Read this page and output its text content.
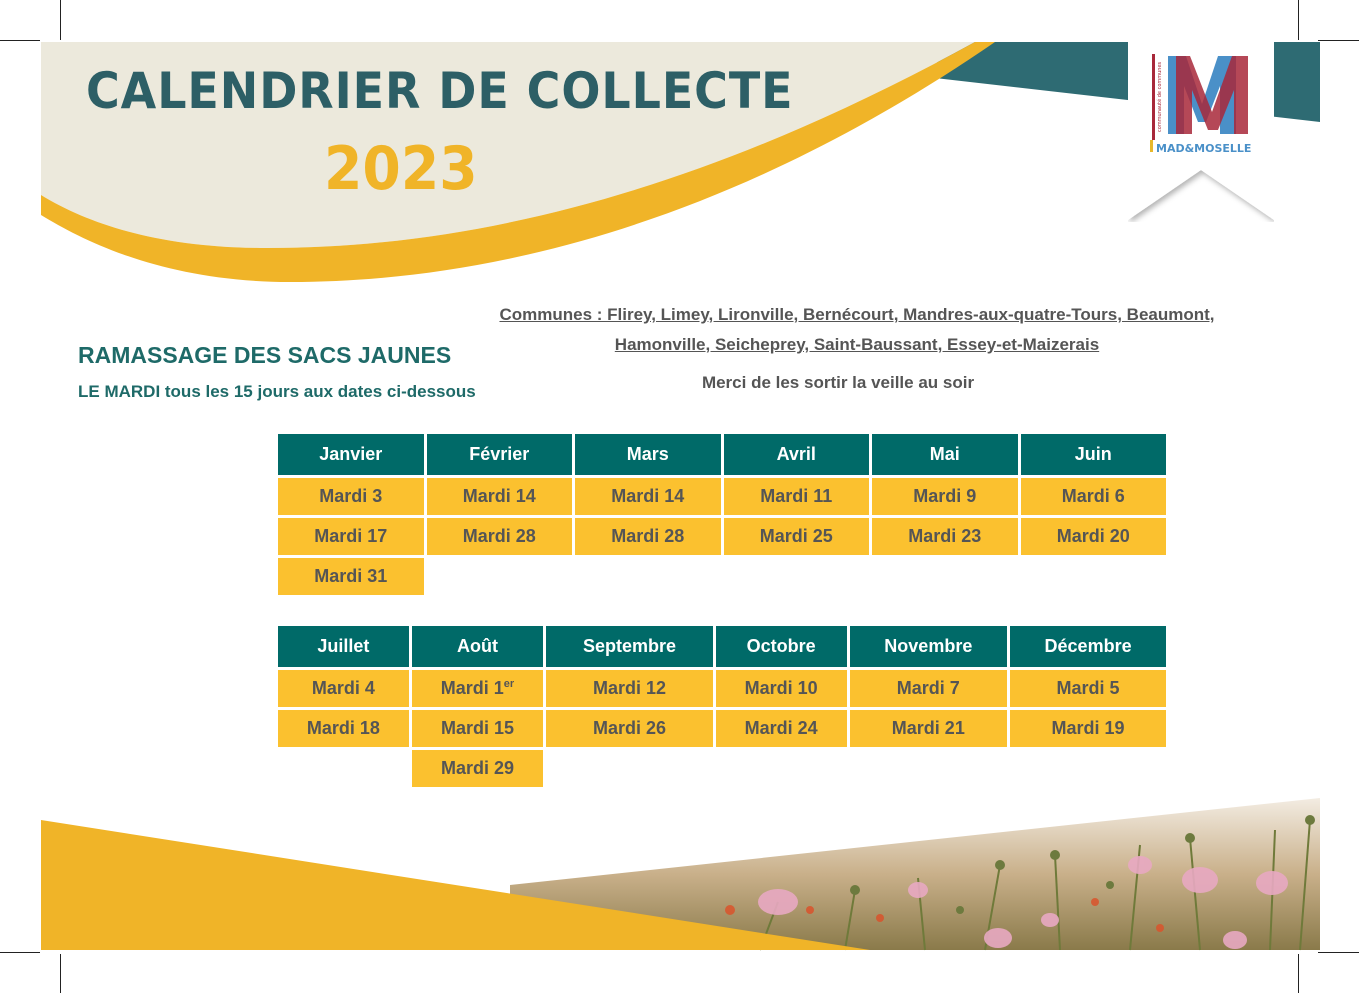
CALENDRIER DE COLLECTE
2023
communauté de communes
MAD&MOSELLE
Communes : Flirey, Limey, Lironville, Bernécourt, Mandres-aux-quatre-Tours, Beaumont,
Hamonville, Seicheprey, Saint-Baussant, Essey-et-Maizerais
RAMASSAGE DES SACS JAUNES
LE MARDI tous les 15 jours aux dates ci-dessous	Merci de les sortir la veille au soir
Janvier	Février	Mars	Avril	Mai	Juin
Mardi 3	Mardi 14	Mardi 14	Mardi 11	Mardi 9	Mardi 6
Mardi 17	Mardi 28	Mardi 28	Mardi 25	Mardi 23	Mardi 20
Mardi 31					
Juillet	Août	Septembre	Octobre	Novembre	Décembre
Mardi 4	Mardi 1er	Mardi 12	Mardi 10	Mardi 7	Mardi 5
Mardi 18	Mardi 15	Mardi 26	Mardi 24	Mardi 21	Mardi 19
	Mardi 29				
